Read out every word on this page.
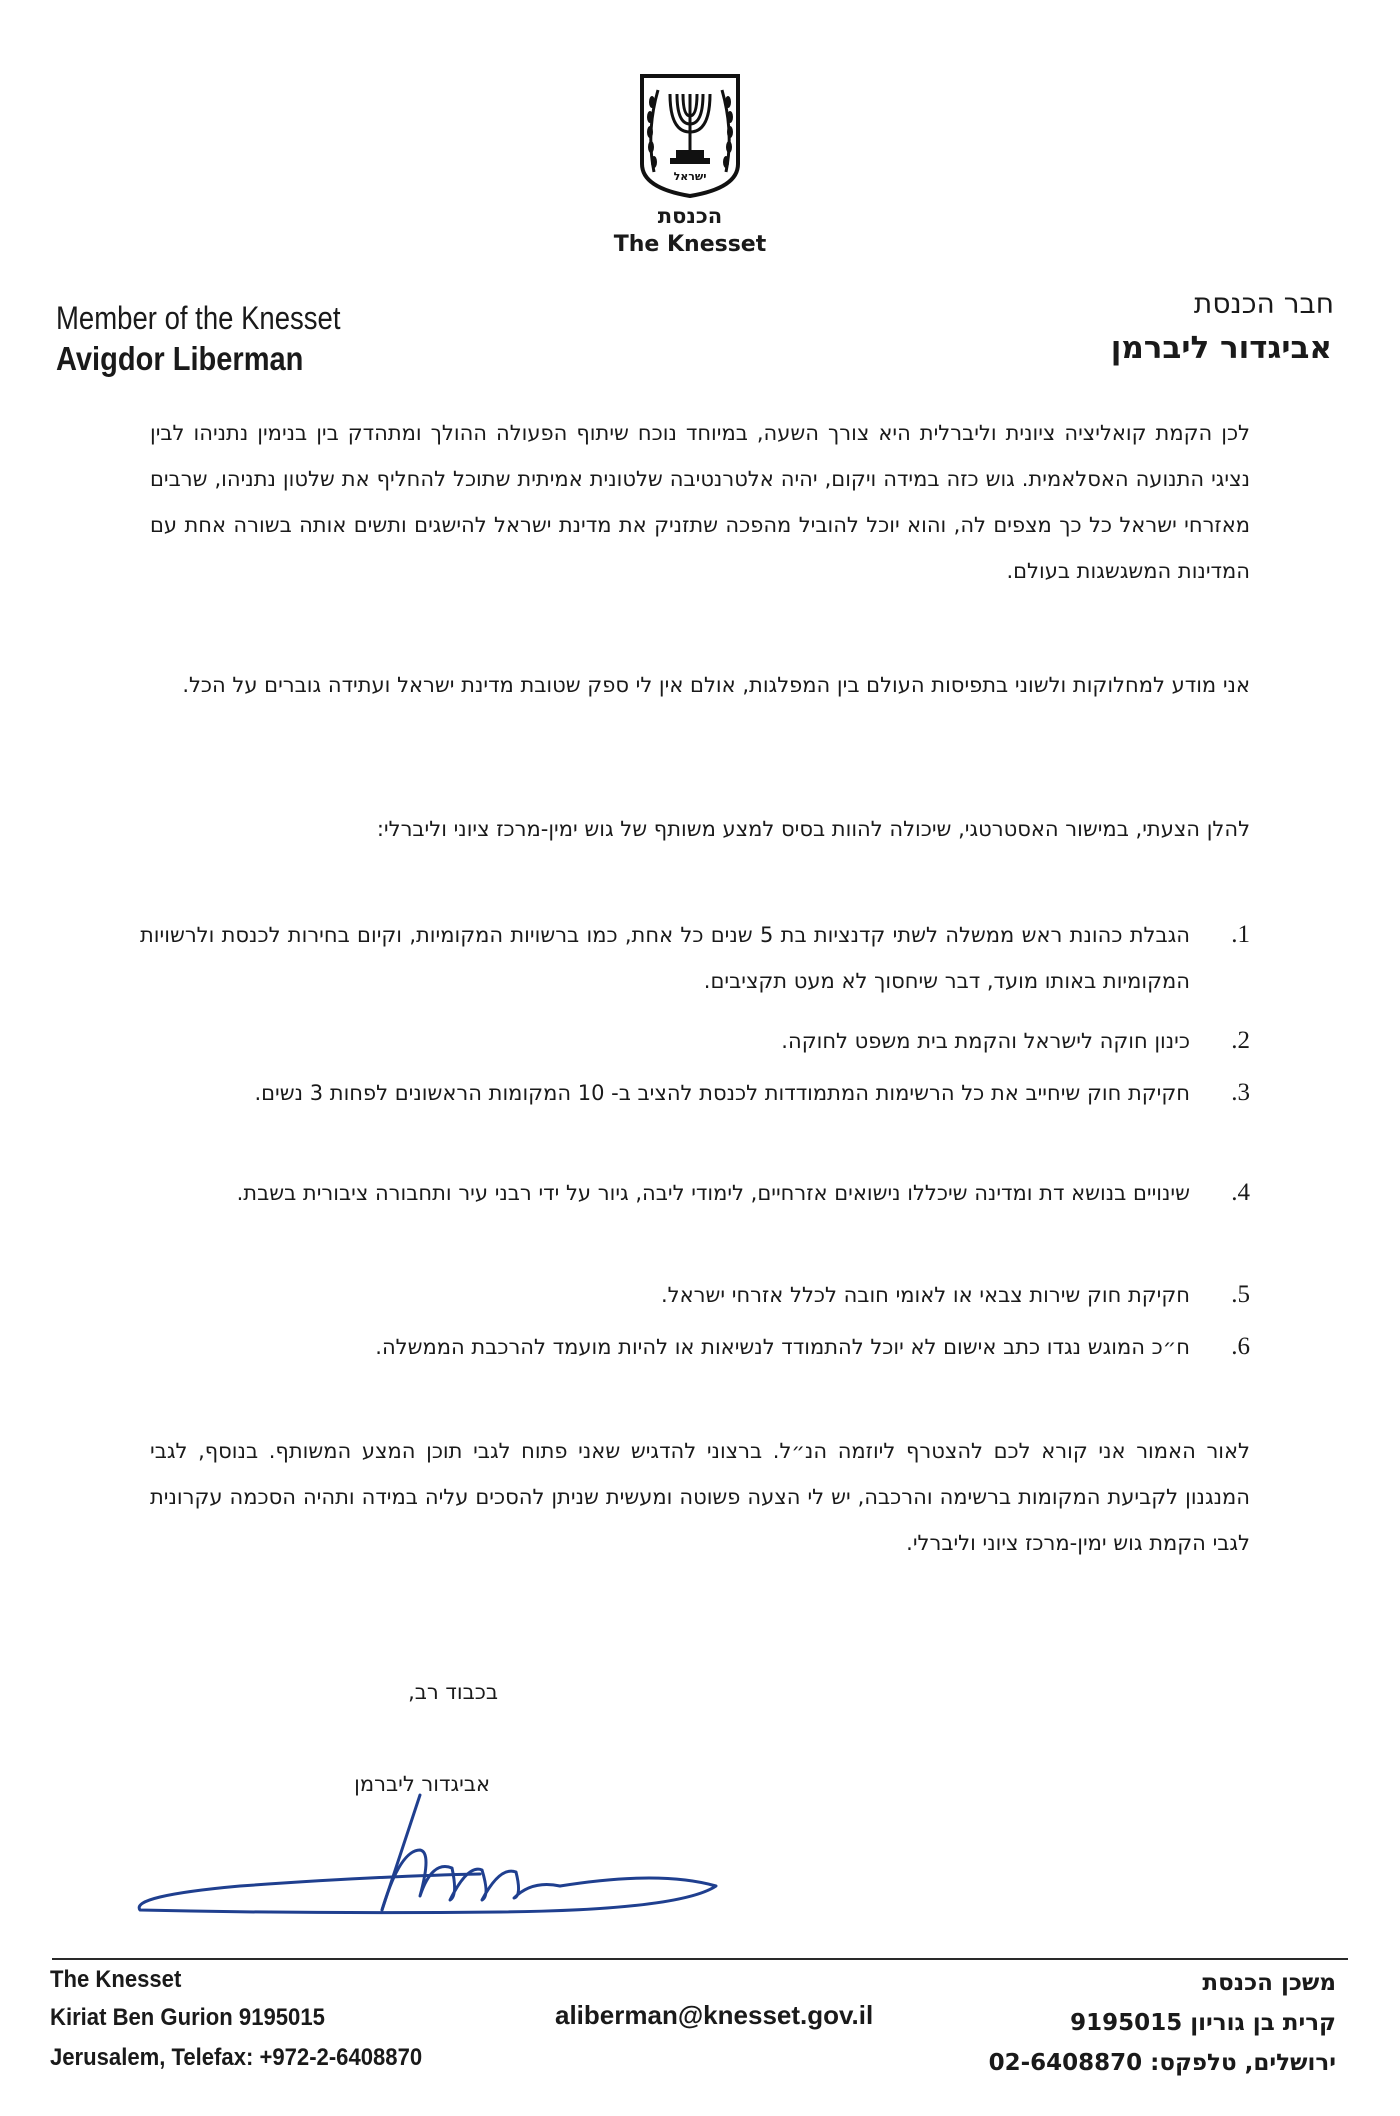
ישראל
הכנסת
The Knesset
Member of the Knesset
Avigdor Liberman
חבר הכנסת
אביגדור ליברמן
לכן הקמת קואליציה ציונית וליברלית היא צורך השעה, במיוחד נוכח שיתוף הפעולה ההולך ומתהדק בין בנימין נתניהו לבין נציגי התנועה האסלאמית. גוש כזה במידה ויקום, יהיה אלטרנטיבה שלטונית אמיתית שתוכל להחליף את שלטון נתניהו, שרבים מאזרחי ישראל כל כך מצפים לה, והוא יוכל להוביל מהפכה שתזניק את מדינת ישראל להישגים ותשים אותה בשורה אחת עם המדינות המשגשגות בעולם.
אני מודע למחלוקות ולשוני בתפיסות העולם בין המפלגות, אולם אין לי ספק שטובת מדינת ישראל ועתידה גוברים על הכל.
להלן הצעתי, במישור האסטרטגי, שיכולה להוות בסיס למצע משותף של גוש ימין-מרכז ציוני וליברלי:
1.
הגבלת כהונת ראש ממשלה לשתי קדנציות בת 5 שנים כל אחת, כמו ברשויות המקומיות, וקיום בחירות לכנסת ולרשויות המקומיות באותו מועד, דבר שיחסוך לא מעט תקציבים.
2.
כינון חוקה לישראל והקמת בית משפט לחוקה.
3.
חקיקת חוק שיחייב את כל הרשימות המתמודדות לכנסת להציב ב- 10 המקומות הראשונים לפחות 3 נשים.
4.
שינויים בנושא דת ומדינה שיכללו נישואים אזרחיים, לימודי ליבה, גיור על ידי רבני עיר ותחבורה ציבורית בשבת.
5.
חקיקת חוק שירות צבאי או לאומי חובה לכלל אזרחי ישראל.
6.
ח״כ המוגש נגדו כתב אישום לא יוכל להתמודד לנשיאות או להיות מועמד להרכבת הממשלה.
לאור האמור אני קורא לכם להצטרף ליוזמה הנ״ל. ברצוני להדגיש שאני פתוח לגבי תוכן המצע המשותף. בנוסף, לגבי המנגנון לקביעת המקומות ברשימה והרכבה, יש לי הצעה פשוטה ומעשית שניתן להסכים עליה במידה ותהיה הסכמה עקרונית לגבי הקמת גוש ימין-מרכז ציוני וליברלי.
בכבוד רב,
אביגדור ליברמן
The Knesset
Kiriat Ben Gurion 9195015
Jerusalem, Telefax: +972-2-6408870
aliberman@knesset.gov.il
משכן הכנסת
קרית בן גוריון 9195015
ירושלים, טלפקס: 02-6408870
